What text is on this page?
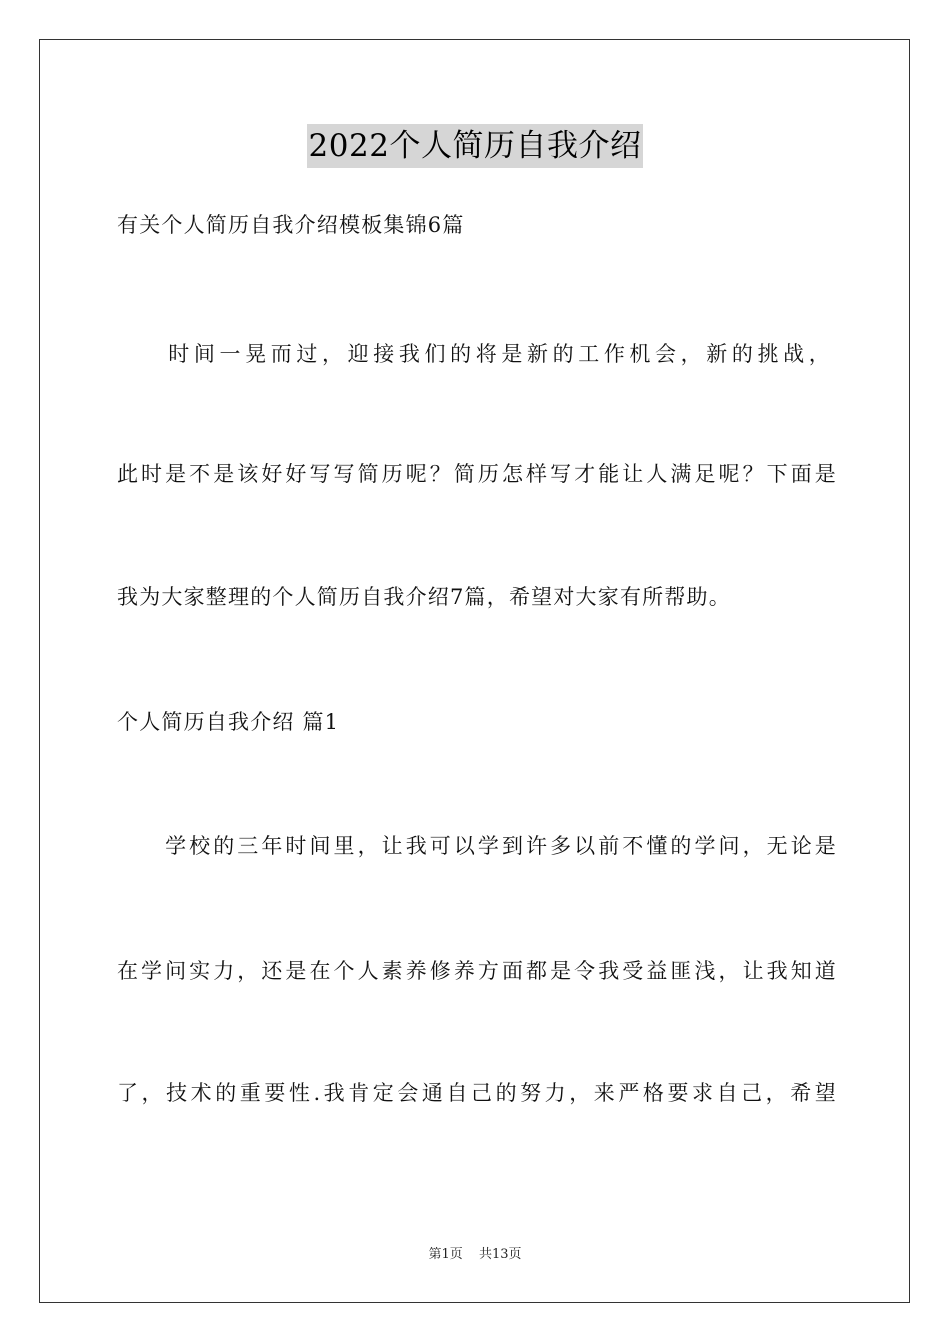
2022个人简历自我介绍
有关个人简历自我介绍模板集锦6篇
　　时间一晃而过，迎接我们的将是新的工作机会，新的挑战，
此时是不是该好好写写简历呢？简历怎样写才能让人满足呢？下面是
我为大家整理的个人简历自我介绍7篇，希望对大家有所帮助。
个人简历自我介绍 篇1
　　学校的三年时间里，让我可以学到许多以前不懂的学问，无论是
在学问实力，还是在个人素养修养方面都是令我受益匪浅，让我知道
了，技术的重要性.我肯定会通自己的努力，来严格要求自己，希望
第1页 共13页
